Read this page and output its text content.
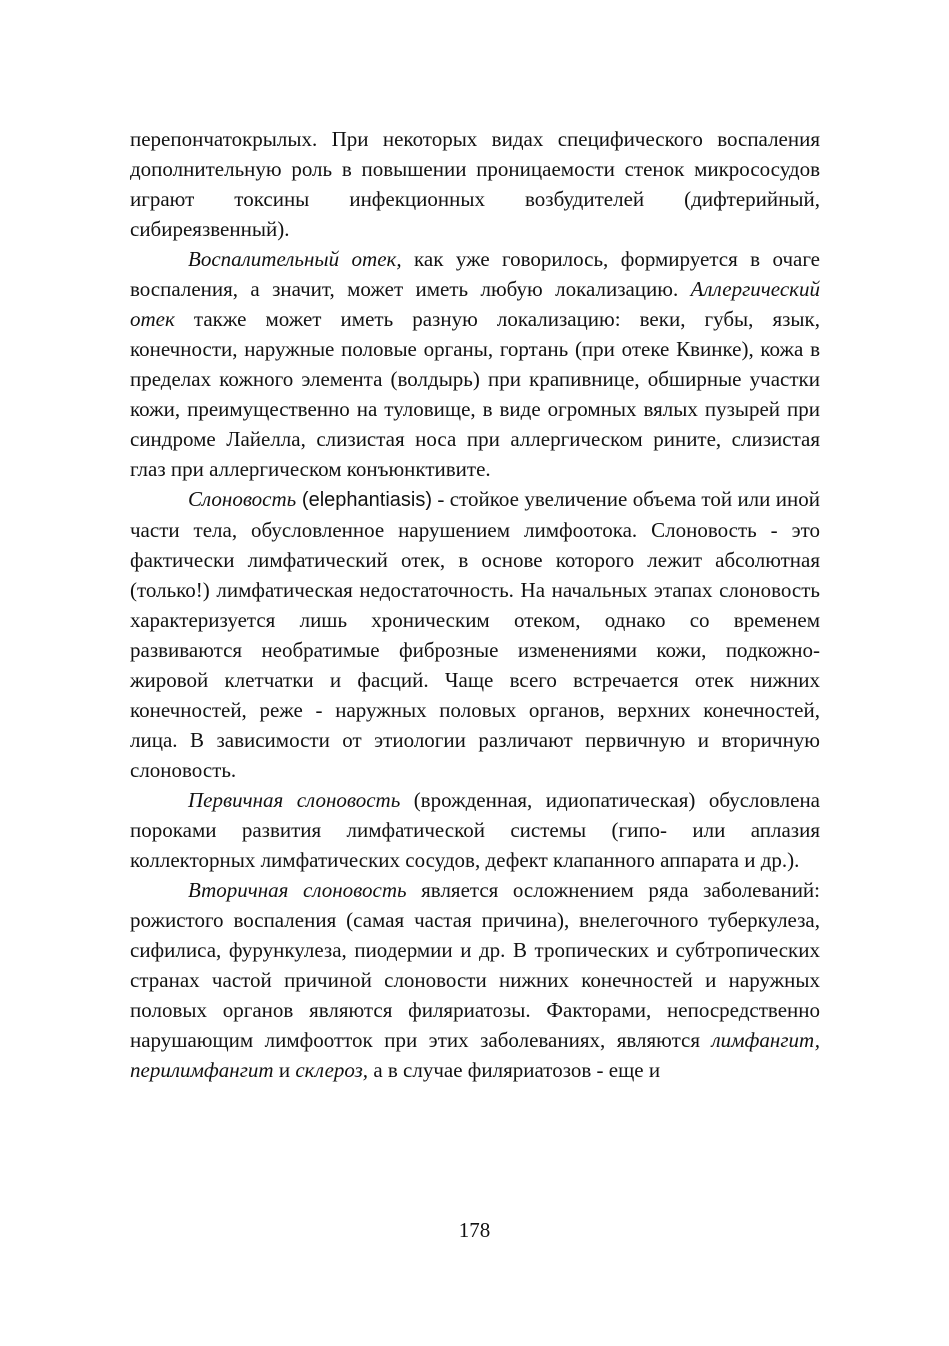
перепончатокрылых. При некоторых видах специфического воспаления дополнительную роль в повышении проницаемости стенок микрососудов играют токсины инфекционных возбудителей (дифтерийный, сибиреязвенный).

Воспалительный отек, как уже говорилось, формируется в очаге воспаления, а значит, может иметь любую локализацию. Аллергический отек также может иметь разную локализацию: веки, губы, язык, конечности, наружные половые органы, гортань (при отеке Квинке), кожа в пределах кожного элемента (волдырь) при крапивнице, обширные участки кожи, преимущественно на туловище, в виде огромных вялых пузырей при синдроме Лайелла, слизистая носа при аллергическом рините, слизистая глаз при аллергическом конъюнктивите.

Слоновость (elephantiasis) - стойкое увеличение объема той или иной части тела, обусловленное нарушением лимфоотока. Слоновость - это фактически лимфатический отек, в основе которого лежит абсолютная (только!) лимфатическая недостаточность. На начальных этапах слоновость характеризуется лишь хроническим отеком, однако со временем развиваются необратимые фиброзные изменениями кожи, подкожно-жировой клетчатки и фасций. Чаще всего встречается отек нижних конечностей, реже - наружных половых органов, верхних конечностей, лица. В зависимости от этиологии различают первичную и вторичную слоновость.

Первичная слоновость (врожденная, идиопатическая) обусловлена пороками развития лимфатической системы (гипо- или аплазия коллекторных лимфатических сосудов, дефект клапанного аппарата и др.).

Вторичная слоновость является осложнением ряда заболеваний: рожистого воспаления (самая частая причина), внелегочного туберкулеза, сифилиса, фурункулеза, пиодермии и др. В тропических и субтропических странах частой причиной слоновости нижних конечностей и наружных половых органов являются филяриатозы. Факторами, непосредственно нарушающим лимфоотток при этих заболеваниях, являются лимфангит, перилимфангит и склероз, а в случае филяриатозов - еще и

178
